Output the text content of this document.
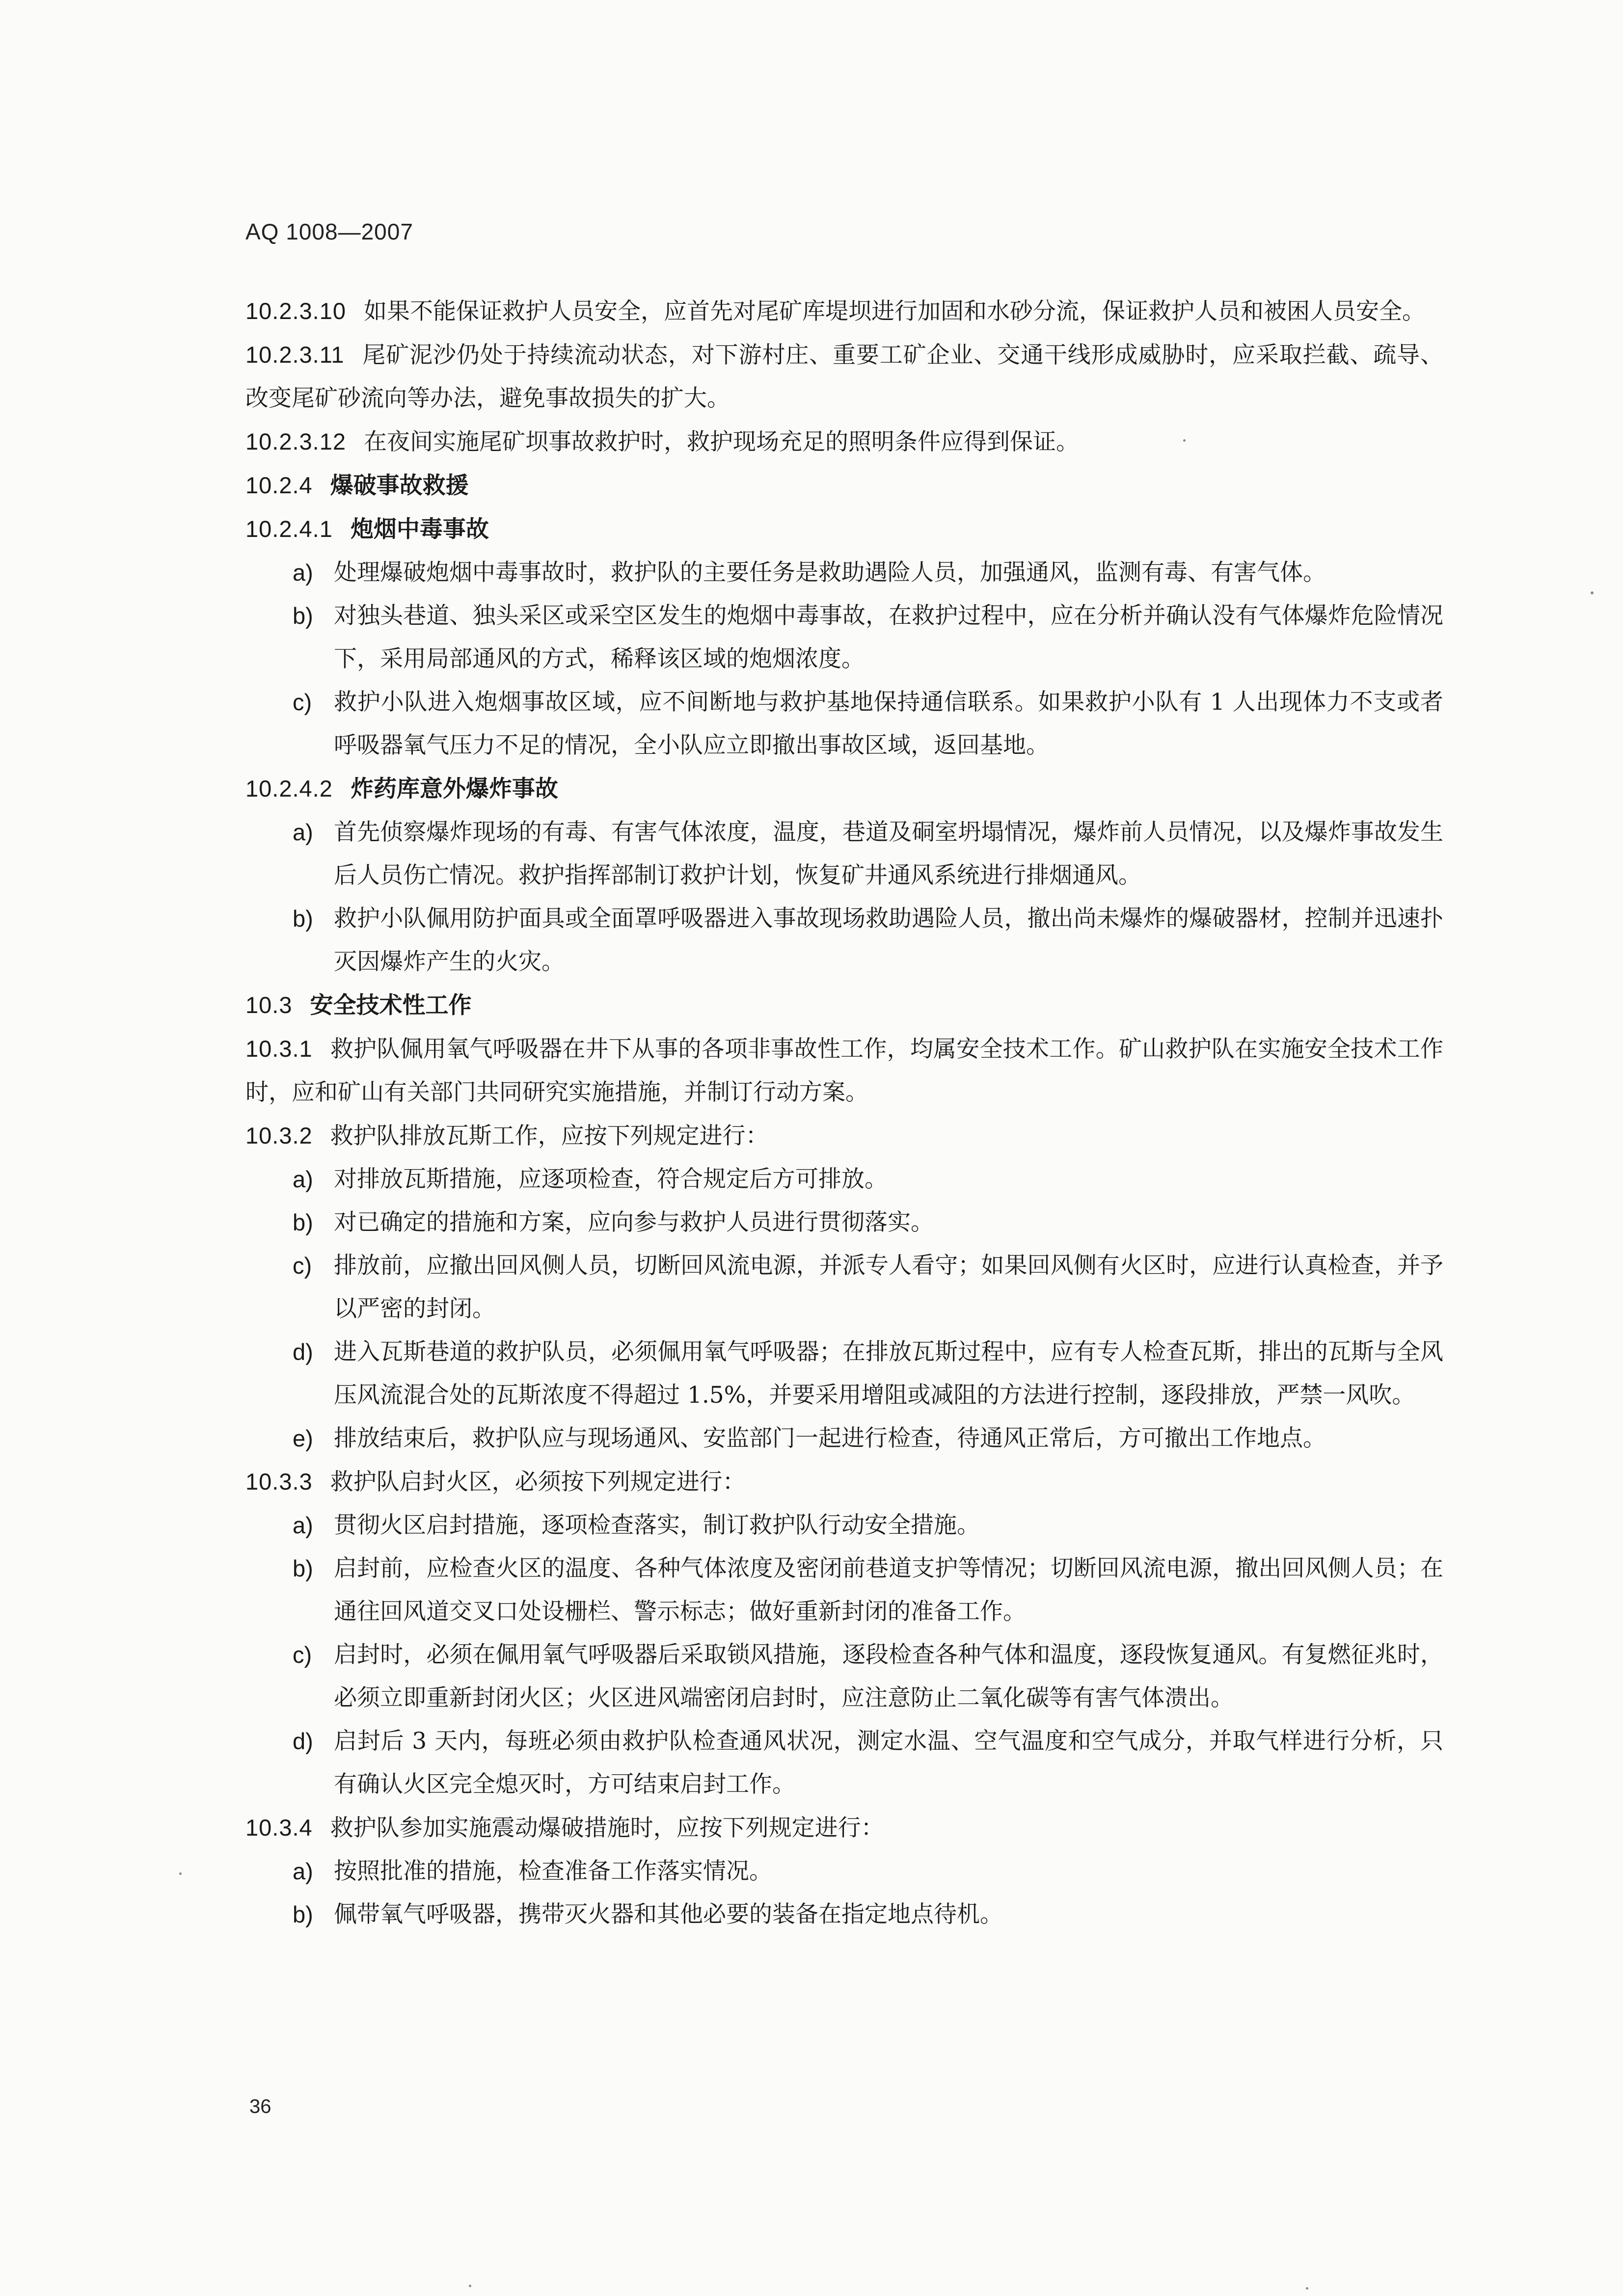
AQ 1008—2007

10.2.3.10 如果不能保证救护人员安全，应首先对尾矿库堤坝进行加固和水砂分流，保证救护人员和被困人员安全。

10.2.3.11 尾矿泥沙仍处于持续流动状态，对下游村庄、重要工矿企业、交通干线形成威胁时，应采取拦截、疏导、改变尾矿砂流向等办法，避免事故损失的扩大。

10.2.3.12 在夜间实施尾矿坝事故救护时，救护现场充足的照明条件应得到保证。

10.2.4 爆破事故救援

10.2.4.1 炮烟中毒事故

a) 处理爆破炮烟中毒事故时，救护队的主要任务是救助遇险人员，加强通风，监测有毒、有害气体。

b) 对独头巷道、独头采区或采空区发生的炮烟中毒事故，在救护过程中，应在分析并确认没有气体爆炸危险情况下，采用局部通风的方式，稀释该区域的炮烟浓度。

c) 救护小队进入炮烟事故区域，应不间断地与救护基地保持通信联系。如果救护小队有 1 人出现体力不支或者呼吸器氧气压力不足的情况，全小队应立即撤出事故区域，返回基地。

10.2.4.2 炸药库意外爆炸事故

a) 首先侦察爆炸现场的有毒、有害气体浓度，温度，巷道及硐室坍塌情况，爆炸前人员情况，以及爆炸事故发生后人员伤亡情况。救护指挥部制订救护计划，恢复矿井通风系统进行排烟通风。

b) 救护小队佩用防护面具或全面罩呼吸器进入事故现场救助遇险人员，撤出尚未爆炸的爆破器材，控制并迅速扑灭因爆炸产生的火灾。

10.3 安全技术性工作

10.3.1 救护队佩用氧气呼吸器在井下从事的各项非事故性工作，均属安全技术工作。矿山救护队在实施安全技术工作时，应和矿山有关部门共同研究实施措施，并制订行动方案。

10.3.2 救护队排放瓦斯工作，应按下列规定进行：

a) 对排放瓦斯措施，应逐项检查，符合规定后方可排放。

b) 对已确定的措施和方案，应向参与救护人员进行贯彻落实。

c) 排放前，应撤出回风侧人员，切断回风流电源，并派专人看守；如果回风侧有火区时，应进行认真检查，并予以严密的封闭。

d) 进入瓦斯巷道的救护队员，必须佩用氧气呼吸器；在排放瓦斯过程中，应有专人检查瓦斯，排出的瓦斯与全风压风流混合处的瓦斯浓度不得超过 1.5%，并要采用增阻或减阻的方法进行控制，逐段排放，严禁一风吹。

e) 排放结束后，救护队应与现场通风、安监部门一起进行检查，待通风正常后，方可撤出工作地点。

10.3.3 救护队启封火区，必须按下列规定进行：

a) 贯彻火区启封措施，逐项检查落实，制订救护队行动安全措施。

b) 启封前，应检查火区的温度、各种气体浓度及密闭前巷道支护等情况；切断回风流电源，撤出回风侧人员；在通往回风道交叉口处设栅栏、警示标志；做好重新封闭的准备工作。

c) 启封时，必须在佩用氧气呼吸器后采取锁风措施，逐段检查各种气体和温度，逐段恢复通风。有复燃征兆时，必须立即重新封闭火区；火区进风端密闭启封时，应注意防止二氧化碳等有害气体溃出。

d) 启封后 3 天内，每班必须由救护队检查通风状况，测定水温、空气温度和空气成分，并取气样进行分析，只有确认火区完全熄灭时，方可结束启封工作。

10.3.4 救护队参加实施震动爆破措施时，应按下列规定进行：

a) 按照批准的措施，检查准备工作落实情况。

b) 佩带氧气呼吸器，携带灭火器和其他必要的装备在指定地点待机。

36
